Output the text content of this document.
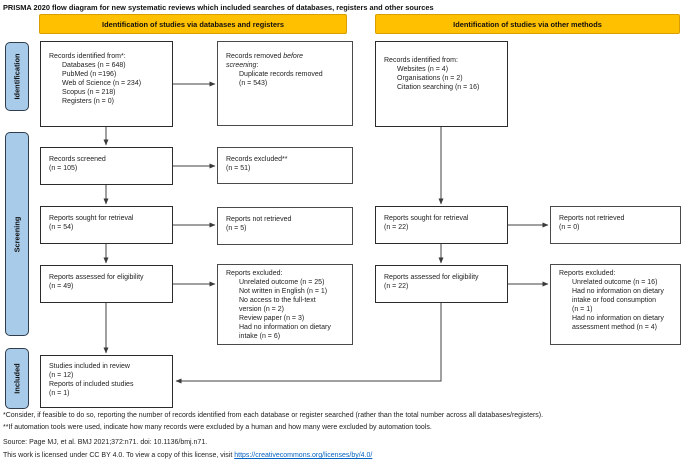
PRISMA 2020 flow diagram for new systematic reviews which included searches of databases, registers and other sources
Identification of studies via databases and registers	Identification of studies via other methods
Identification
Screening
Included
Records identified from*:
Databases (n = 648)
PubMed (n =196)
Web of Science (n = 234)
Scopus (n = 218)
Registers (n = 0)
Records removed before
screening:
Duplicate records removed
(n = 543)
Records screened
(n = 105)
Records excluded**
(n = 51)
Reports sought for retrieval
(n = 54)
Reports not retrieved
(n = 5)
Reports assessed for eligibility
(n = 49)
Reports excluded:
Unrelated outcome (n = 25)
Not written in English (n = 1)
No access to the full-text
version (n = 2)
Review paper (n = 3)
Had no information on dietary
intake (n = 6)
Studies included in review
(n = 12)
Reports of included studies
(n = 1)
Records identified from:
Websites (n = 4)
Organisations (n = 2)
Citation searching (n = 16)
Reports sought for retrieval
(n = 22)
Reports not retrieved
(n = 0)
Reports assessed for eligibility
(n = 22)
Reports excluded:
Unrelated outcome (n = 16)
Had no information on dietary
intake or food consumption
(n = 1)
Had no information on dietary
assessment method (n = 4)
*Consider, if feasible to do so, reporting the number of records identified from each database or register searched (rather than the total number across all databases/registers).
**If automation tools were used, indicate how many records were excluded by a human and how many were excluded by automation tools.
Source: Page MJ, et al. BMJ 2021;372:n71. doi: 10.1136/bmj.n71.
This work is licensed under CC BY 4.0. To view a copy of this license, visit https://creativecommons.org/licenses/by/4.0/
